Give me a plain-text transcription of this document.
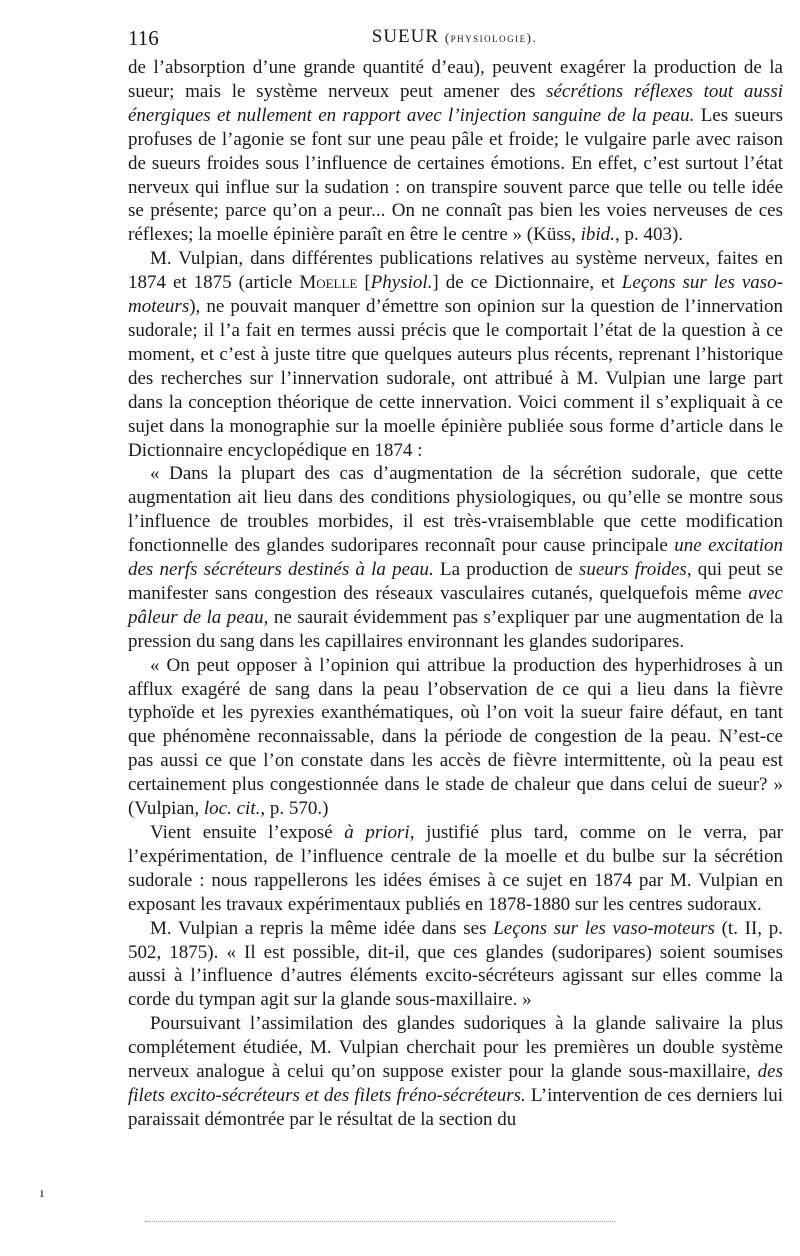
116	SUEUR (physiologie).

de l’absorption d’une grande quantité d’eau), peuvent exagérer la production de la sueur; mais le système nerveux peut amener des sécrétions réflexes tout aussi énergiques et nullement en rapport avec l’injection sanguine de la peau. Les sueurs profuses de l’agonie se font sur une peau pâle et froide; le vulgaire parle avec raison de sueurs froides sous l’influence de certaines émotions. En effet, c’est surtout l’état nerveux qui influe sur la sudation : on transpire souvent parce que telle ou telle idée se présente; parce qu’on a peur... On ne connaît pas bien les voies nerveuses de ces réflexes; la moelle épinière paraît en être le centre » (Küss, ibid., p. 403).

M. Vulpian, dans différentes publications relatives au système nerveux, faites en 1874 et 1875 (article Moelle [Physiol.] de ce Dictionnaire, et Leçons sur les vaso-moteurs), ne pouvait manquer d’émettre son opinion sur la question de l’innervation sudorale; il l’a fait en termes aussi précis que le comportait l’état de la question à ce moment, et c’est à juste titre que quelques auteurs plus récents, reprenant l’historique des recherches sur l’innervation sudorale, ont attribué à M. Vulpian une large part dans la conception théorique de cette innervation. Voici comment il s’expliquait à ce sujet dans la monographie sur la moelle épinière publiée sous forme d’article dans le Dictionnaire encyclopédique en 1874 :

« Dans la plupart des cas d’augmentation de la sécrétion sudorale, que cette augmentation ait lieu dans des conditions physiologiques, ou qu’elle se montre sous l’influence de troubles morbides, il est très-vraisemblable que cette modification fonctionnelle des glandes sudoripares reconnaît pour cause principale une excitation des nerfs sécréteurs destinés à la peau. La production de sueurs froides, qui peut se manifester sans congestion des réseaux vasculaires cutanés, quelquefois même avec pâleur de la peau, ne saurait évidemment pas s’expliquer par une augmentation de la pression du sang dans les capillaires environnant les glandes sudoripares.

« On peut opposer à l’opinion qui attribue la production des hyperhidroses à un afflux exagéré de sang dans la peau l’observation de ce qui a lieu dans la fièvre typhoïde et les pyrexies exanthématiques, où l’on voit la sueur faire défaut, en tant que phénomène reconnaissable, dans la période de congestion de la peau. N’est-ce pas aussi ce que l’on constate dans les accès de fièvre intermittente, où la peau est certainement plus congestionnée dans le stade de chaleur que dans celui de sueur? » (Vulpian, loc. cit., p. 570.)

Vient ensuite l’exposé à priori, justifié plus tard, comme on le verra, par l’expérimentation, de l’influence centrale de la moelle et du bulbe sur la sécrétion sudorale : nous rappellerons les idées émises à ce sujet en 1874 par M. Vulpian en exposant les travaux expérimentaux publiés en 1878-1880 sur les centres sudoraux.

M. Vulpian a repris la même idée dans ses Leçons sur les vaso-moteurs (t. II, p. 502, 1875). « Il est possible, dit-il, que ces glandes (sudoripares) soient soumises aussi à l’influence d’autres éléments excito-sécréteurs agissant sur elles comme la corde du tympan agit sur la glande sous-maxillaire. »

Poursuivant l’assimilation des glandes sudoriques à la glande salivaire la plus complétement étudiée, M. Vulpian cherchait pour les premières un double système nerveux analogue à celui qu’on suppose exister pour la glande sous-maxillaire, des filets excito-sécréteurs et des filets fréno-sécréteurs. L’intervention de ces derniers lui paraissait démontrée par le résultat de la section du

ı
